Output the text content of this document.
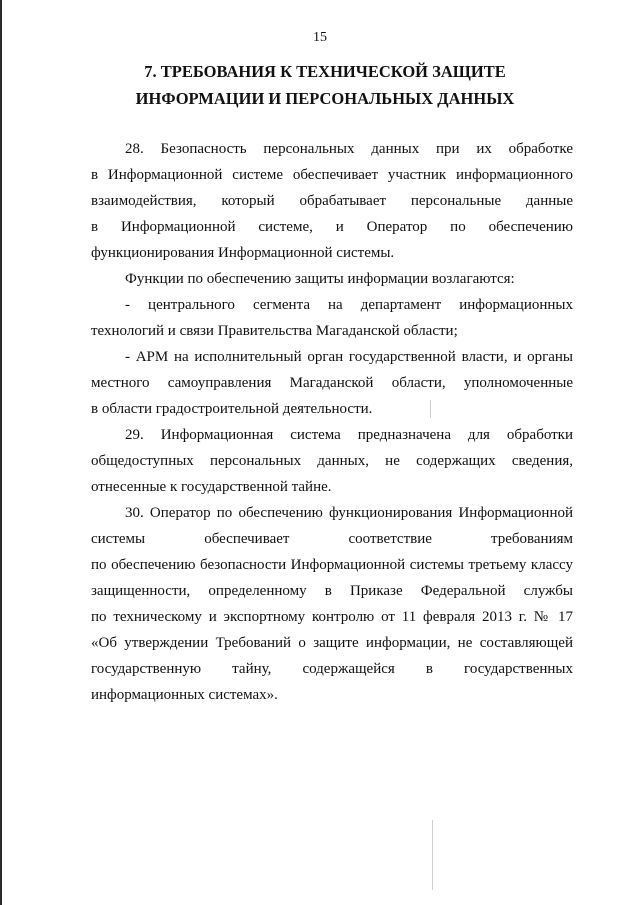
15
7. ТРЕБОВАНИЯ К ТЕХНИЧЕСКОЙ ЗАЩИТЕ
ИНФОРМАЦИИ И ПЕРСОНАЛЬНЫХ ДАННЫХ
28. Безопасность персональных данных при их обработке
в Информационной системе обеспечивает участник информационного
взаимодействия, который обрабатывает персональные данные
в Информационной системе, и Оператор по обеспечению
функционирования Информационной системы.
Функции по обеспечению защиты информации возлагаются:
- центрального сегмента на департамент информационных
технологий и связи Правительства Магаданской области;
- АРМ на исполнительный орган государственной власти, и органы
местного самоуправления Магаданской области, уполномоченные
в области градостроительной деятельности.
29. Информационная система предназначена для обработки
общедоступных персональных данных, не содержащих сведения,
отнесенные к государственной тайне.
30. Оператор по обеспечению функционирования Информационной
системы обеспечивает соответствие требованиям
по обеспечению безопасности Информационной системы третьему классу
защищенности, определенному в Приказе Федеральной службы
по техническому и экспортному контролю от 11 февраля 2013 г. № 17
«Об утверждении Требований о защите информации, не составляющей
государственную тайну, содержащейся в государственных
информационных системах».
